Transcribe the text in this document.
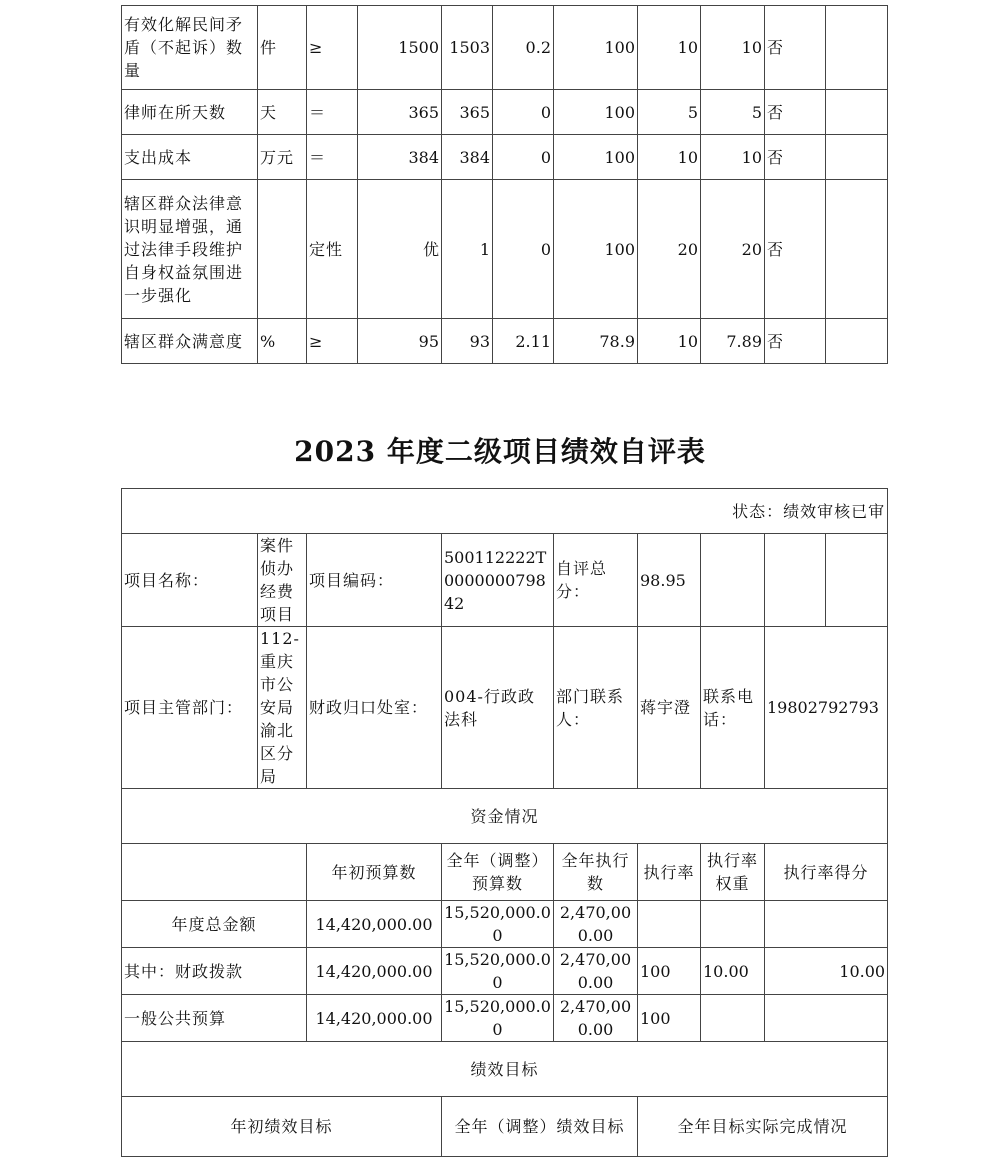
有效化解民间矛盾（不起诉）数量	件	≥	1500	1503	0.2	100	10	10	否	
律师在所天数	天	＝	365	365	0	100	5	5	否	
支出成本	万元	＝	384	384	0	100	10	10	否	
辖区群众法律意识明显增强，通过法律手段维护自身权益氛围进一步强化		定性	优	1	0	100	20	20	否	
辖区群众满意度	%	≥	95	93	2.11	78.9	10	7.89	否	
2023 年度二级项目绩效自评表
状态：绩效审核已审								
项目名称：	案件侦办经费项目	项目编码：	500112222T000000079842	自评总分：	98.95			
项目主管部门：	112-重庆市公安局渝北区分局	财政归口处室：	004-行政政法科	部门联系人：	蒋宇澄	联系电话：	19802792793	
资金情况								
		年初预算数	全年（调整）预算数	全年执行数	执行率	执行率权重	执行率得分	
年度总金额		14,420,000.00	15,520,000.00	2,470,000.00				
其中：财政拨款		14,420,000.00	15,520,000.00	2,470,000.00	100	10.00	10.00	
一般公共预算		14,420,000.00	15,520,000.00	2,470,000.00	100			
绩效目标								
年初绩效目标			全年（调整）绩效目标		全年目标实际完成情况			
